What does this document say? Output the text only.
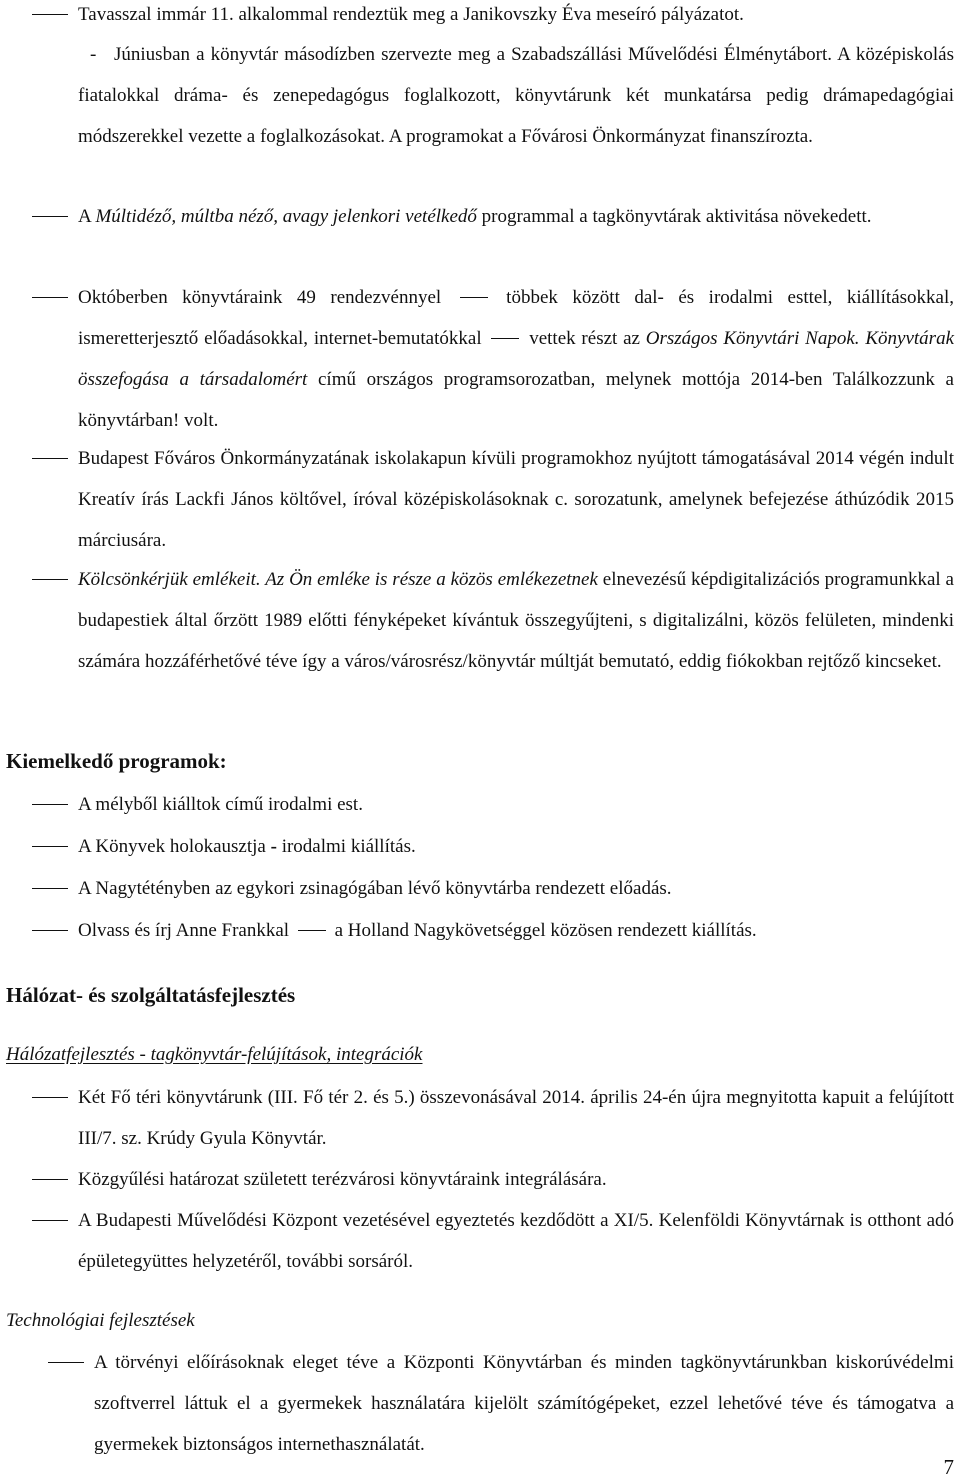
Tavasszal immár 11. alkalommal rendeztük meg a Janikovszky Éva meseíró pályázatot.
- Júniusban a könyvtár másodízben szervezte meg a Szabadszállási Művelődési Élménytábort. A középiskolás fiatalokkal dráma- és zenepedagógus foglalkozott, könyvtárunk két munkatársa pedig drámapedagógiai módszerekkel vezette a foglalkozásokat. A programokat a Fővárosi Önkormányzat finanszírozta.
A Múltidéző, múltba néző, avagy jelenkori vetélkedő programmal a tagkönyvtárak aktivitása növekedett.
Októberben könyvtáraink 49 rendezvénnyel  többek között dal- és irodalmi esttel, kiállításokkal, ismeretterjesztő előadásokkal, internet-bemutatókkal  vettek részt az Országos Könyvtári Napok. Könyvtárak összefogása a társadalomért című országos programsorozatban, melynek mottója 2014-ben Találkozzunk a könyvtárban! volt.
Budapest Főváros Önkormányzatának iskolakapun kívüli programokhoz nyújtott támogatásával 2014 végén indult Kreatív írás Lackfi János költővel, íróval középiskolásoknak c. sorozatunk, amelynek befejezése áthúzódik 2015 márciusára.
Kölcsönkérjük emlékeit. Az Ön emléke is része a közös emlékezetnek elnevezésű képdigitalizációs programunkkal a budapestiek által őrzött 1989 előtti fényképeket kívántuk összegyűjteni, s digitalizálni, közös felületen, mindenki számára hozzáférhetővé téve így a város/városrész/könyvtár múltját bemutató, eddig fiókokban rejtőző kincseket.
Kiemelkedő programok:
A mélyből kiálltok című irodalmi est.
A Könyvek holokausztja - irodalmi kiállítás.
A Nagytétényben az egykori zsinagógában lévő könyvtárba rendezett előadás.
Olvass és írj Anne Frankkal  a Holland Nagykövetséggel közösen rendezett kiállítás.
Hálózat- és szolgáltatásfejlesztés
Hálózatfejlesztés - tagkönyvtár-felújítások, integrációk
Két Fő téri könyvtárunk (III. Fő tér 2. és 5.) összevonásával 2014. április 24-én újra megnyitotta kapuit a felújított III/7. sz. Krúdy Gyula Könyvtár.
Közgyűlési határozat született terézvárosi könyvtáraink integrálására.
A Budapesti Művelődési Központ vezetésével egyeztetés kezdődött a XI/5. Kelenföldi Könyvtárnak is otthont adó épületegyüttes helyzetéről, további sorsáról.
Technológiai fejlesztések
A törvényi előírásoknak eleget téve a Központi Könyvtárban és minden tagkönyvtárunkban kiskorúvédelmi szoftverrel láttuk el a gyermekek használatára kijelölt számítógépeket, ezzel lehetővé téve és támogatva a gyermekek biztonságos internethasználatát.
7
